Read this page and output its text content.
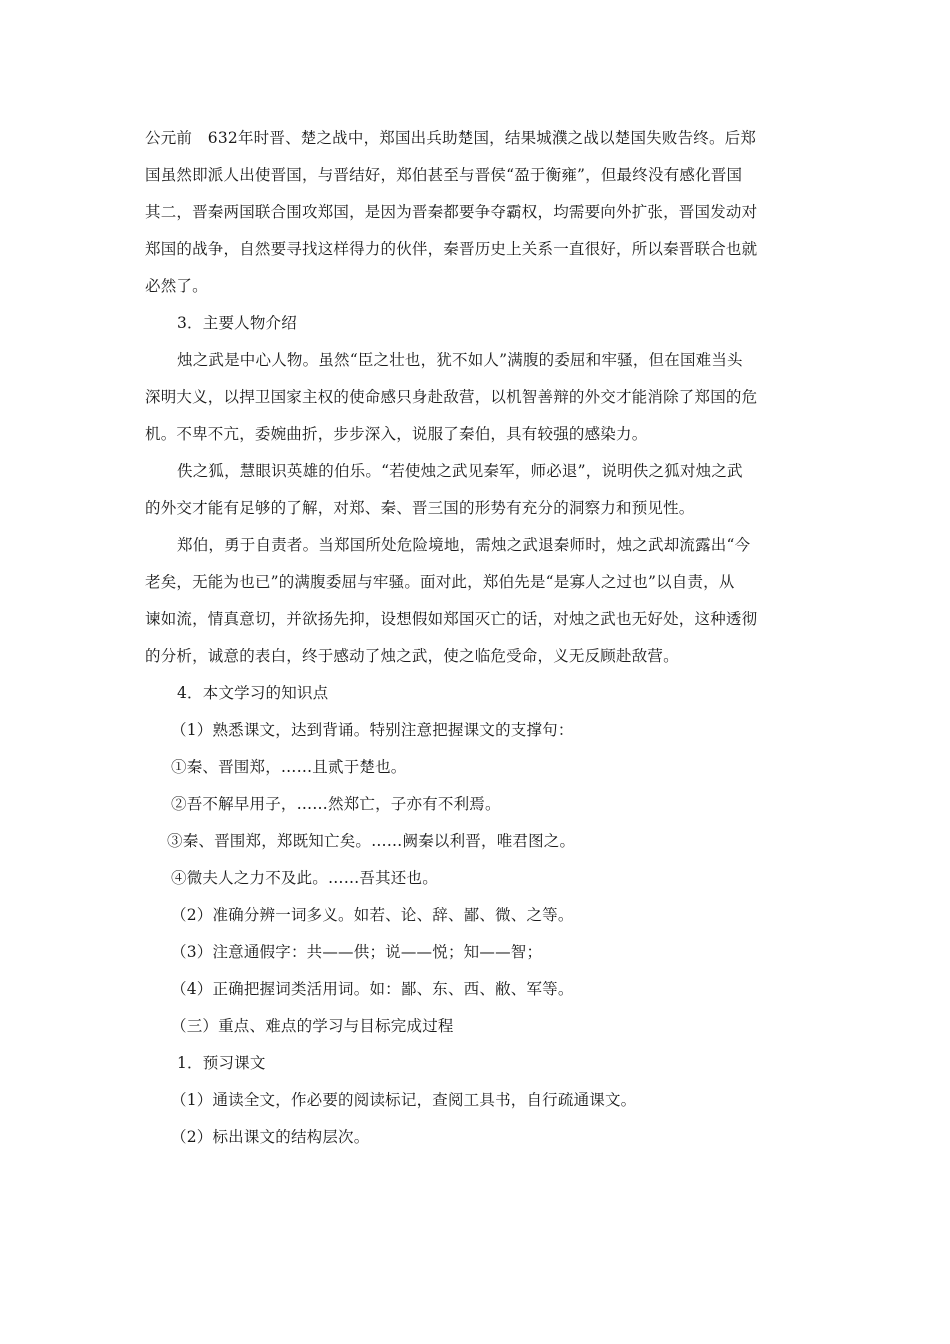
公元前　632年时晋、楚之战中，郑国出兵助楚国，结果城濮之战以楚国失败告终。后郑

国虽然即派人出使晋国，与晋结好，郑伯甚至与晋侯“盈于衡雍”，但最终没有感化晋国

其二，晋秦两国联合围攻郑国，是因为晋秦都要争夺霸权，均需要向外扩张，晋国发动对

郑国的战争，自然要寻找这样得力的伙伴，秦晋历史上关系一直很好，所以秦晋联合也就

必然了。

3．主要人物介绍

烛之武是中心人物。虽然“臣之壮也，犹不如人”满腹的委屈和牢骚，但在国难当头

深明大义，以捍卫国家主权的使命感只身赴敌营，以机智善辩的外交才能消除了郑国的危

机。不卑不亢，委婉曲折，步步深入，说服了秦伯，具有较强的感染力。

佚之狐，慧眼识英雄的伯乐。“若使烛之武见秦军，师必退”，说明佚之狐对烛之武

的外交才能有足够的了解，对郑、秦、晋三国的形势有充分的洞察力和预见性。

郑伯，勇于自责者。当郑国所处危险境地，需烛之武退秦师时，烛之武却流露出“今

老矣，无能为也已”的满腹委屈与牢骚。面对此，郑伯先是“是寡人之过也”以自责，从

谏如流，情真意切，并欲扬先抑，设想假如郑国灭亡的话，对烛之武也无好处，这种透彻

的分析，诚意的表白，终于感动了烛之武，使之临危受命，义无反顾赴敌营。

4．本文学习的知识点

（1）熟悉课文，达到背诵。特别注意把握课文的支撑句：

①秦、晋围郑，……且贰于楚也。

②吾不解早用子，……然郑亡，子亦有不利焉。

③秦、晋围郑，郑既知亡矣。……阙秦以利晋，唯君图之。

④微夫人之力不及此。……吾其还也。

（2）准确分辨一词多义。如若、论、辞、鄙、微、之等。

（3）注意通假字：共——供；说——悦；知——智；

（4）正确把握词类活用词。如：鄙、东、西、敝、军等。

（三）重点、难点的学习与目标完成过程

1．预习课文

（1）通读全文，作必要的阅读标记，查阅工具书，自行疏通课文。

（2）标出课文的结构层次。
